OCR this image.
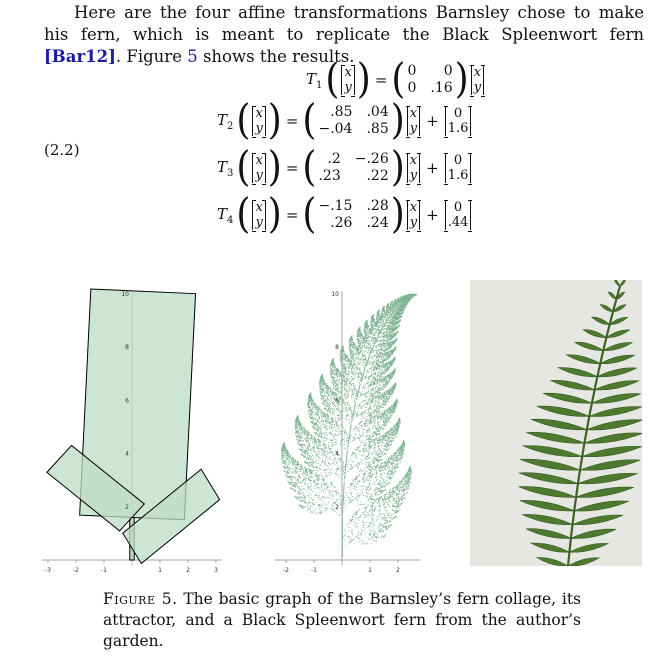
Here are the four affine transformations Barnsley chose to make his fern, which is meant to replicate the Black Spleenwort fern [Bar12]. Figure 5 shows the results.

(2.2)
$T_1$ ( x
y ) = ( 0	0
0 .16 ) x
y
$T_2$ ( x
y ) = ( .85 .04
−.04 .85 ) x
y + 0
1.6
$T_3$ ( x
y ) = ( .2 −.26
.23	.22 ) x
y + 0
1.6
$T_4$ ( x
y ) = ( −.15 .28
.26 .24 ) x
y + 0
.44
-3	-2	-1	1	2	3
2
4
6
8
10
-2	-1	1	2
2
4
6
8
10
Figure 5. The basic graph of the Barnsley’s fern collage, its attractor, and a Black Spleenwort fern from the author’s garden.
